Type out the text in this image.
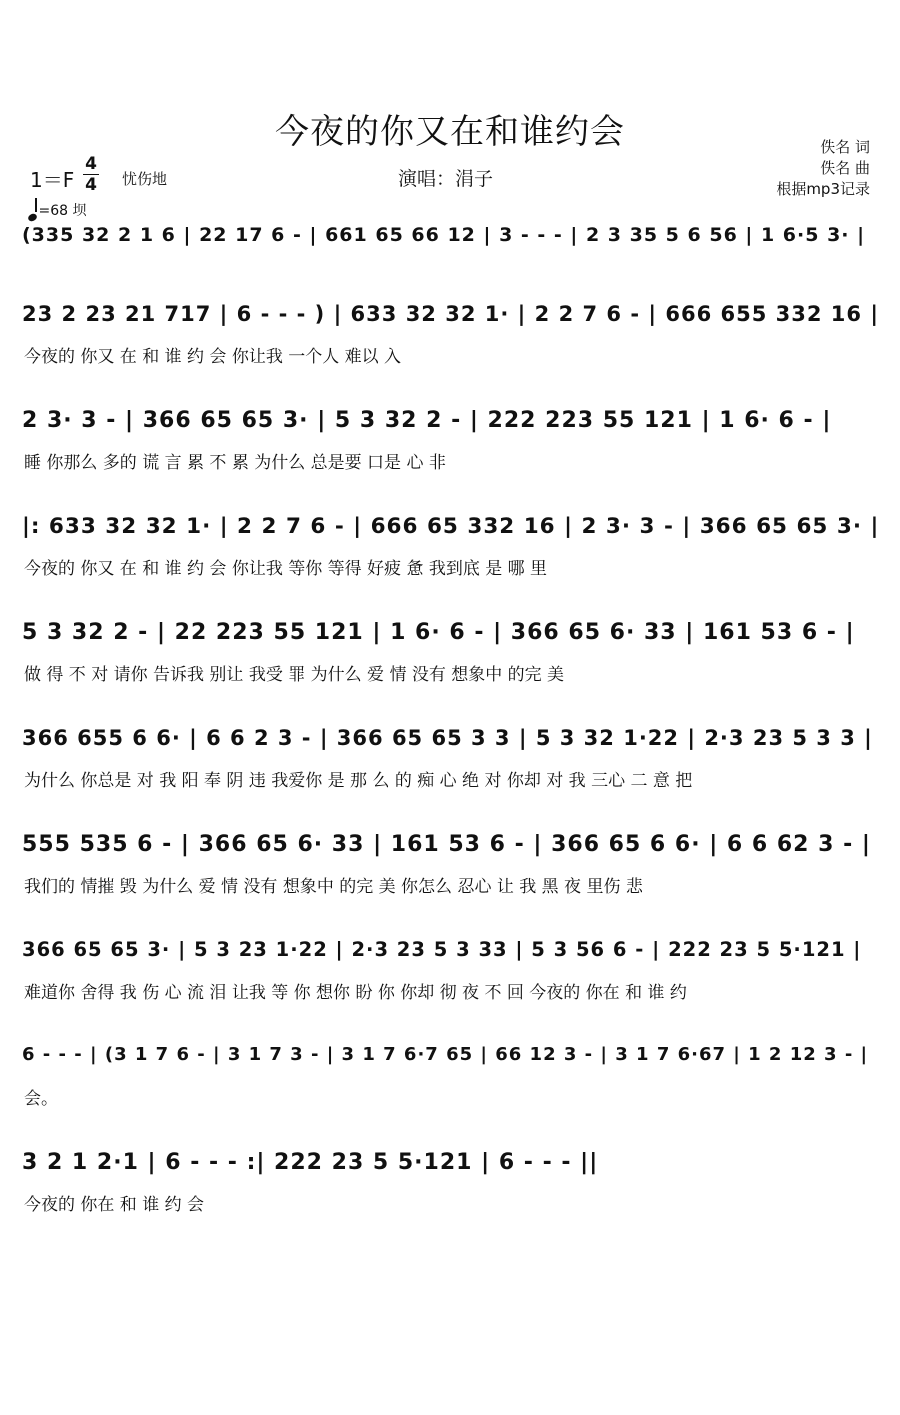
今夜的你又在和谁约会
1＝F
4
4 忧伤地	演唱：涓子
佚名 词
佚名 曲
根据mp3记录
=68 坝
(335 32 2 1 6 | 22 17 6 - | 661 65 66 12 | 3 - - - | 2 3 35 5 6 56 | 1 6·5 3· |
23 2 23 21 717 | 6 - - - ) | 633 32 32 1· | 2 2 7 6 - | 666 655 332 16 |
今夜的 你又 在 和 谁 约 会 你让我 一个人 难以 入
2 3· 3 - | 366 65 65 3· | 5 3 32 2 - | 222 223 55 121 | 1 6· 6 - |
睡 你那么 多的 谎 言 累 不 累 为什么 总是要 口是 心 非
|: 633 32 32 1· | 2 2 7 6 - | 666 65 332 16 | 2 3· 3 - | 366 65 65 3· |
今夜的 你又 在 和 谁 约 会 你让我 等你 等得 好疲 惫 我到底 是 哪 里
5 3 32 2 - | 22 223 55 121 | 1 6· 6 - | 366 65 6· 33 | 161 53 6 - |
做 得 不 对 请你 告诉我 别让 我受 罪 为什么 爱 情 没有 想象中 的完 美
366 655 6 6· | 6 6 2 3 - | 366 65 65 3 3 | 5 3 32 1·22 | 2·3 23 5 3 3 |
为什么 你总是 对 我 阳 奉 阴 违 我爱你 是 那 么 的 痴 心 绝 对 你却 对 我 三心 二 意 把
555 535 6 - | 366 65 6· 33 | 161 53 6 - | 366 65 6 6· | 6 6 62 3 - |
我们的 情摧 毁 为什么 爱 情 没有 想象中 的完 美 你怎么 忍心 让 我 黑 夜 里伤 悲
366 65 65 3· | 5 3 23 1·22 | 2·3 23 5 3 33 | 5 3 56 6 - | 222 23 5 5·121 |
难道你 舍得 我 伤 心 流 泪 让我 等 你 想你 盼 你 你却 彻 夜 不 回 今夜的 你在 和 谁 约
6 - - - | (3 1 7 6 - | 3 1 7 3 - | 3 1 7 6·7 65 | 66 12 3 - | 3 1 7 6·67 | 1 2 12 3 - |
会。
3 2 1 2·1 | 6 - - - :| 222 23 5 5·121 | 6 - - - ||
今夜的 你在 和 谁 约 会
